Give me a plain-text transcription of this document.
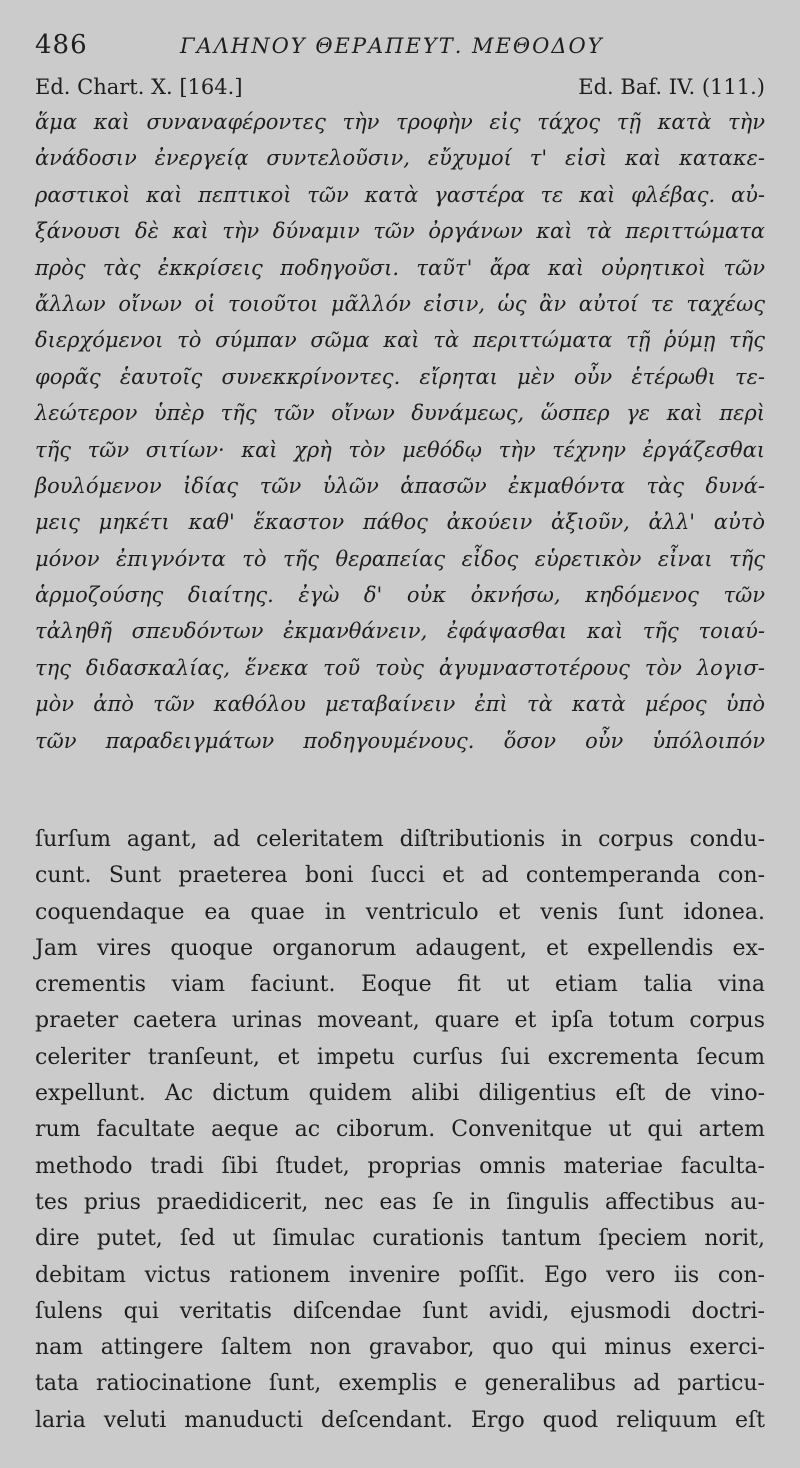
486	ΓΑΛΗΝΟΥ ΘΕΡΑΠΕΥΤ. ΜΕΘΟΔΟΥ
Ed. Chart. X. [164.]	Ed. Baf. IV. (111.)
ἅμα καὶ συναναφέροντες τὴν τροφὴν εἰς τάχος τῇ κατὰ τὴν
ἀνάδοσιν ἐνεργείᾳ συντελοῦσιν, εὔχυμοί τ' εἰσὶ καὶ κατακε-
ραστικοὶ καὶ πεπτικοὶ τῶν κατὰ γαστέρα τε καὶ φλέβας. αὐ-
ξάνουσι δὲ καὶ τὴν δύναμιν τῶν ὀργάνων καὶ τὰ περιττώματα
πρὸς τὰς ἐκκρίσεις ποδηγοῦσι. ταῦτ' ἄρα καὶ οὐρητικοὶ τῶν
ἄλλων οἴνων οἱ τοιοῦτοι μᾶλλόν εἰσιν, ὡς ἂν αὐτοί τε ταχέως
διερχόμενοι τὸ σύμπαν σῶμα καὶ τὰ περιττώματα τῇ ῥύμῃ τῆς
φορᾶς ἑαυτοῖς συνεκκρίνοντες. εἴρηται μὲν οὖν ἑτέρωθι τε-
λεώτερον ὑπὲρ τῆς τῶν οἴνων δυνάμεως, ὥσπερ γε καὶ περὶ
τῆς τῶν σιτίων· καὶ χρὴ τὸν μεθόδῳ τὴν τέχνην ἐργάζεσθαι
βουλόμενον ἰδίας τῶν ὑλῶν ἁπασῶν ἐκμαθόντα τὰς δυνά-
μεις μηκέτι καθ' ἕκαστον πάθος ἀκούειν ἀξιοῦν, ἀλλ' αὐτὸ
μόνον ἐπιγνόντα τὸ τῆς θεραπείας εἶδος εὑρετικὸν εἶναι τῆς
ἁρμοζούσης διαίτης. ἐγὼ δ' οὐκ ὀκνήσω, κηδόμενος τῶν
τἀληθῆ σπευδόντων ἐκμανθάνειν, ἐφάψασθαι καὶ τῆς τοιαύ-
της διδασκαλίας, ἕνεκα τοῦ τοὺς ἀγυμναστοτέρους τὸν λογισ-
μὸν ἀπὸ τῶν καθόλου μεταβαίνειν ἐπὶ τὰ κατὰ μέρος ὑπὸ
τῶν παραδειγμάτων ποδηγουμένους. ὅσον οὖν ὑπόλοιπόν
ſurſum agant, ad celeritatem diſtributionis in corpus condu-
cunt. Sunt praeterea boni ſucci et ad contemperanda con-
coquendaque ea quae in ventriculo et venis ſunt idonea.
Jam vires quoque organorum adaugent, et expellendis ex-
crementis viam faciunt. Eoque fit ut etiam talia vina
praeter caetera urinas moveant, quare et ipſa totum corpus
celeriter tranſeunt, et impetu curſus ſui excrementa ſecum
expellunt. Ac dictum quidem alibi diligentius eſt de vino-
rum facultate aeque ac ciborum. Convenitque ut qui artem
methodo tradi ſibi ſtudet, proprias omnis materiae faculta-
tes prius praedidicerit, nec eas ſe in ſingulis affectibus au-
dire putet, ſed ut ſimulac curationis tantum ſpeciem norit,
debitam victus rationem invenire poſſit. Ego vero iis con-
ſulens qui veritatis diſcendae ſunt avidi, ejusmodi doctri-
nam attingere ſaltem non gravabor, quo qui minus exerci-
tata ratiocinatione ſunt, exemplis e generalibus ad particu-
laria veluti manuducti deſcendant. Ergo quod reliquum eſt
